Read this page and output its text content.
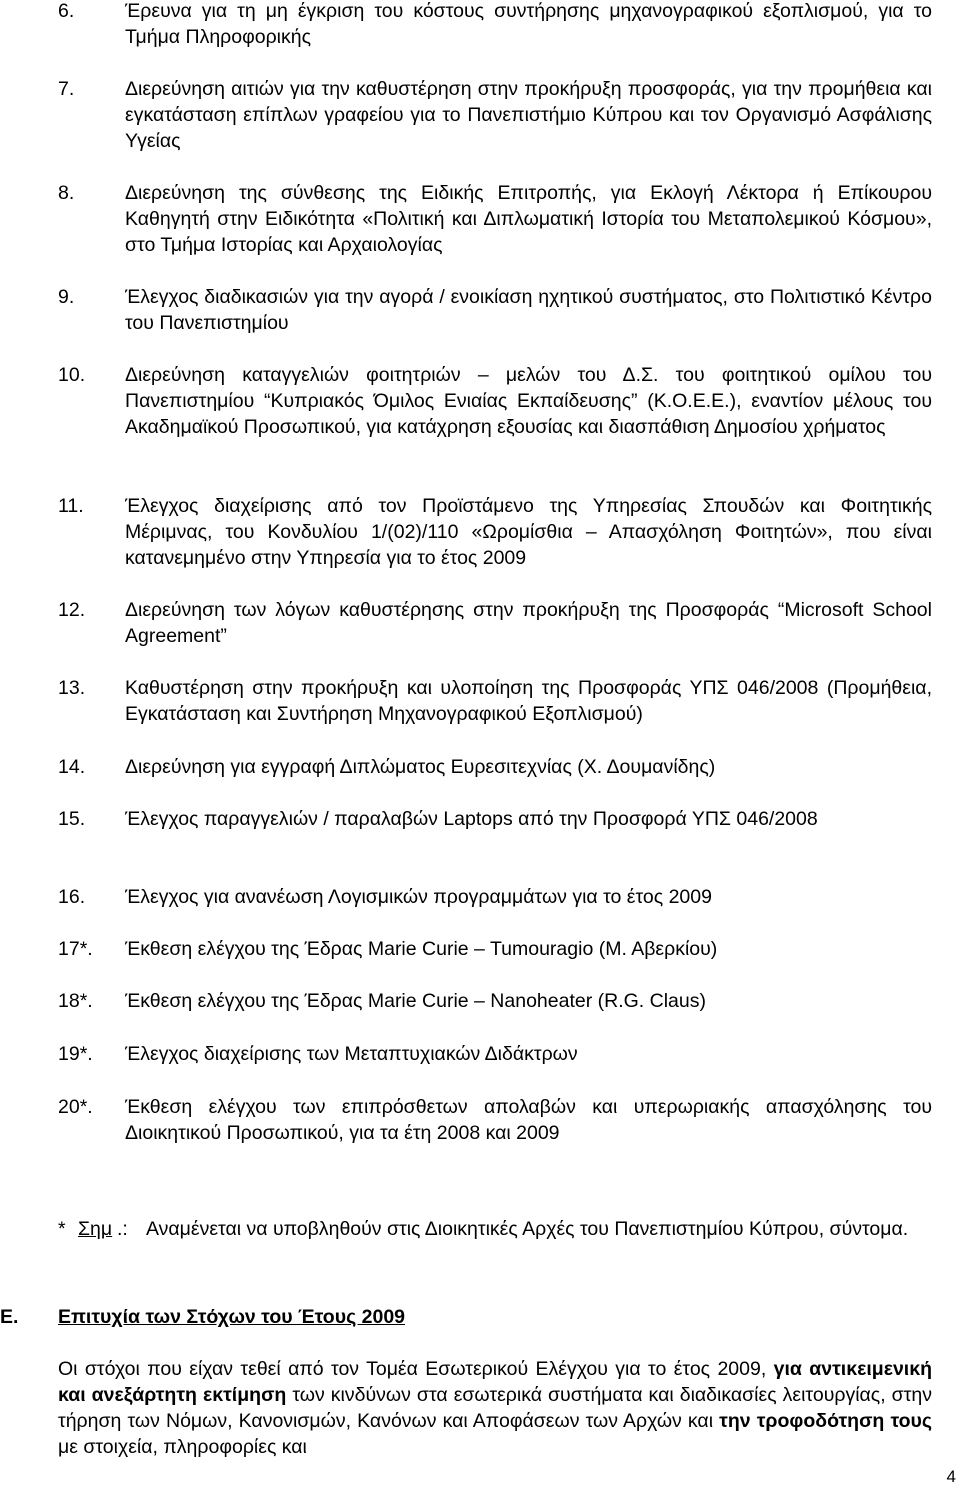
6.	Έρευνα για τη μη έγκριση του κόστους συντήρησης μηχανογραφικού εξοπλισμού, για το Τμήμα Πληροφορικής
7.	Διερεύνηση αιτιών για την καθυστέρηση στην προκήρυξη προσφοράς, για την προμήθεια και εγκατάσταση επίπλων γραφείου για το Πανεπιστήμιο Κύπρου και τον Οργανισμό Ασφάλισης Υγείας
8.	Διερεύνηση της σύνθεσης της Ειδικής Επιτροπής, για Εκλογή Λέκτορα ή Επίκουρου Καθηγητή στην Ειδικότητα «Πολιτική και Διπλωματική Ιστορία του Μεταπολεμικού Κόσμου», στο Τμήμα Ιστορίας και Αρχαιολογίας
9.	Έλεγχος διαδικασιών για την αγορά / ενοικίαση ηχητικού συστήματος, στο Πολιτιστικό Κέντρο του Πανεπιστημίου
10. Διερεύνηση καταγγελιών φοιτητριών – μελών του Δ.Σ. του φοιτητικού ομίλου του Πανεπιστημίου “Κυπριακός Όμιλος Ενιαίας Εκπαίδευσης” (Κ.Ο.Ε.Ε.), εναντίον μέλους του Ακαδημαϊκού Προσωπικού, για κατάχρηση εξουσίας και διασπάθιση Δημοσίου χρήματος
11. Έλεγχος διαχείρισης από τον Προϊστάμενο της Υπηρεσίας Σπουδών και Φοιτητικής Μέριμνας, του Κονδυλίου 1/(02)/110 «Ωρομίσθια – Απασχόληση Φοιτητών», που είναι κατανεμημένο στην Υπηρεσία για το έτος 2009
12. Διερεύνηση των λόγων καθυστέρησης στην προκήρυξη της Προσφοράς “Microsoft School Agreement”
13. Καθυστέρηση στην προκήρυξη και υλοποίηση της Προσφοράς ΥΠΣ 046/2008 (Προμήθεια, Εγκατάσταση και Συντήρηση Μηχανογραφικού Εξοπλισμού)
14. Διερεύνηση για εγγραφή Διπλώματος Ευρεσιτεχνίας (Χ. Δουμανίδης)
15. Έλεγχος παραγγελιών / παραλαβών Laptops από την Προσφορά ΥΠΣ 046/2008
16. Έλεγχος για ανανέωση Λογισμικών προγραμμάτων για το έτος 2009
17*. Έκθεση ελέγχου της Έδρας Marie Curie – Tumouragio (Μ. Αβερκίου)
18*. Έκθεση ελέγχου της Έδρας Marie Curie – Nanoheater (R.G. Claus)
19*. Έλεγχος διαχείρισης των Μεταπτυχιακών Διδάκτρων
20*. Έκθεση ελέγχου των επιπρόσθετων απολαβών και υπερωριακής απασχόλησης του Διοικητικού Προσωπικού, για τα έτη 2008 και 2009
* Σημ .: Αναμένεται να υποβληθούν στις Διοικητικές Αρχές του Πανεπιστημίου Κύπρου, σύντομα.
Ε. Επιτυχία των Στόχων του Έτους 2009
Οι στόχοι που είχαν τεθεί από τον Τομέα Εσωτερικού Ελέγχου για το έτος 2009, για αντικειμενική και ανεξάρτητη εκτίμηση των κινδύνων στα εσωτερικά συστήματα και διαδικασίες λειτουργίας, στην τήρηση των Νόμων, Κανονισμών, Κανόνων και Αποφάσεων των Αρχών και την τροφοδότηση τους με στοιχεία, πληροφορίες και
4
